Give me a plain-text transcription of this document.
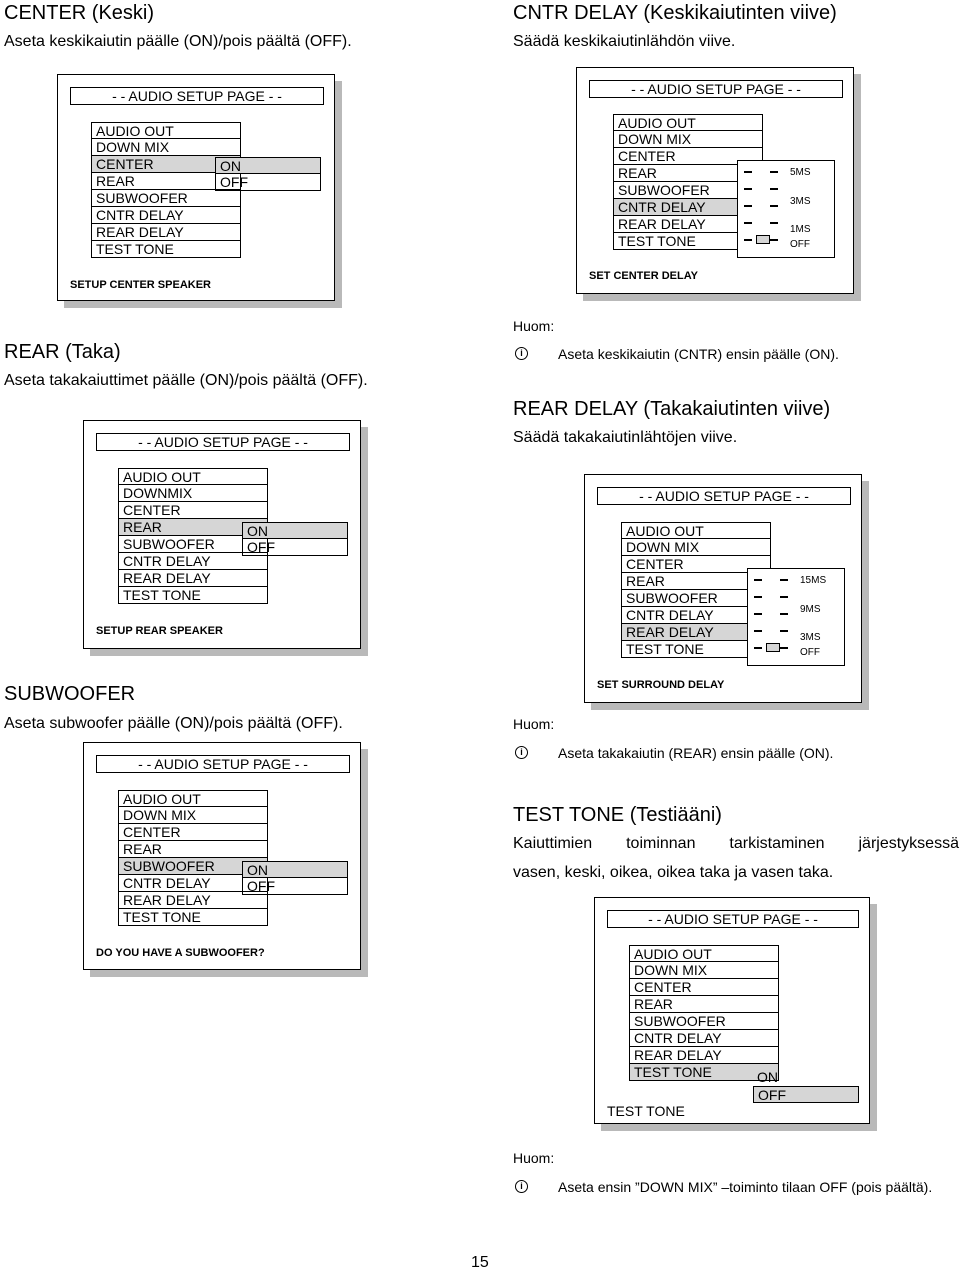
CENTER (Keski)
Aseta keskikaiutin päälle (ON)/pois päältä (OFF).
- - AUDIO SETUP PAGE - -
AUDIO OUT
DOWN MIX
CENTER
REAR
SUBWOOFER
CNTR DELAY
REAR DELAY
TEST TONE
ON
OFF
SETUP CENTER SPEAKER
CNTR DELAY (Keskikaiutinten viive)
Säädä keskikaiutinlähdön viive.
- - AUDIO SETUP PAGE - -
AUDIO OUT
DOWN MIX
CENTER
REAR
SUBWOOFER
CNTR DELAY
REAR DELAY
TEST TONE
5MS
3MS
1MS
OFF
SET CENTER DELAY
Huom:
i	Aseta keskikaiutin (CNTR) ensin päälle (ON).
REAR (Taka)
Aseta takakaiuttimet päälle (ON)/pois päältä (OFF).
- - AUDIO SETUP PAGE - -
AUDIO OUT
DOWNMIX
CENTER
REAR
SUBWOOFER
CNTR DELAY
REAR DELAY
TEST TONE
ON
OFF
SETUP REAR SPEAKER
REAR DELAY (Takakaiutinten viive)
Säädä takakaiutinlähtöjen viive.
- - AUDIO SETUP PAGE - -
AUDIO OUT
DOWN MIX
CENTER
REAR
SUBWOOFER
CNTR DELAY
REAR DELAY
TEST TONE
15MS
9MS
3MS
OFF
SET SURROUND DELAY
Huom:
i	Aseta takakaiutin (REAR) ensin päälle (ON).
SUBWOOFER
Aseta subwoofer päälle (ON)/pois päältä (OFF).
- - AUDIO SETUP PAGE - -
AUDIO OUT
DOWN MIX
CENTER
REAR
SUBWOOFER
CNTR DELAY
REAR DELAY
TEST TONE
ON
OFF
DO YOU HAVE A SUBWOOFER?
TEST TONE (Testiääni)
Kaiuttimien toiminnan tarkistaminen järjestyksessä
vasen, keski, oikea, oikea taka ja vasen taka.
- - AUDIO SETUP PAGE - -
AUDIO OUT
DOWN MIX
CENTER
REAR
SUBWOOFER
CNTR DELAY
REAR DELAY
TEST TONE	ON
OFF
TEST TONE
Huom:
i	Aseta ensin ”DOWN MIX” –toiminto tilaan OFF (pois päältä).
15
